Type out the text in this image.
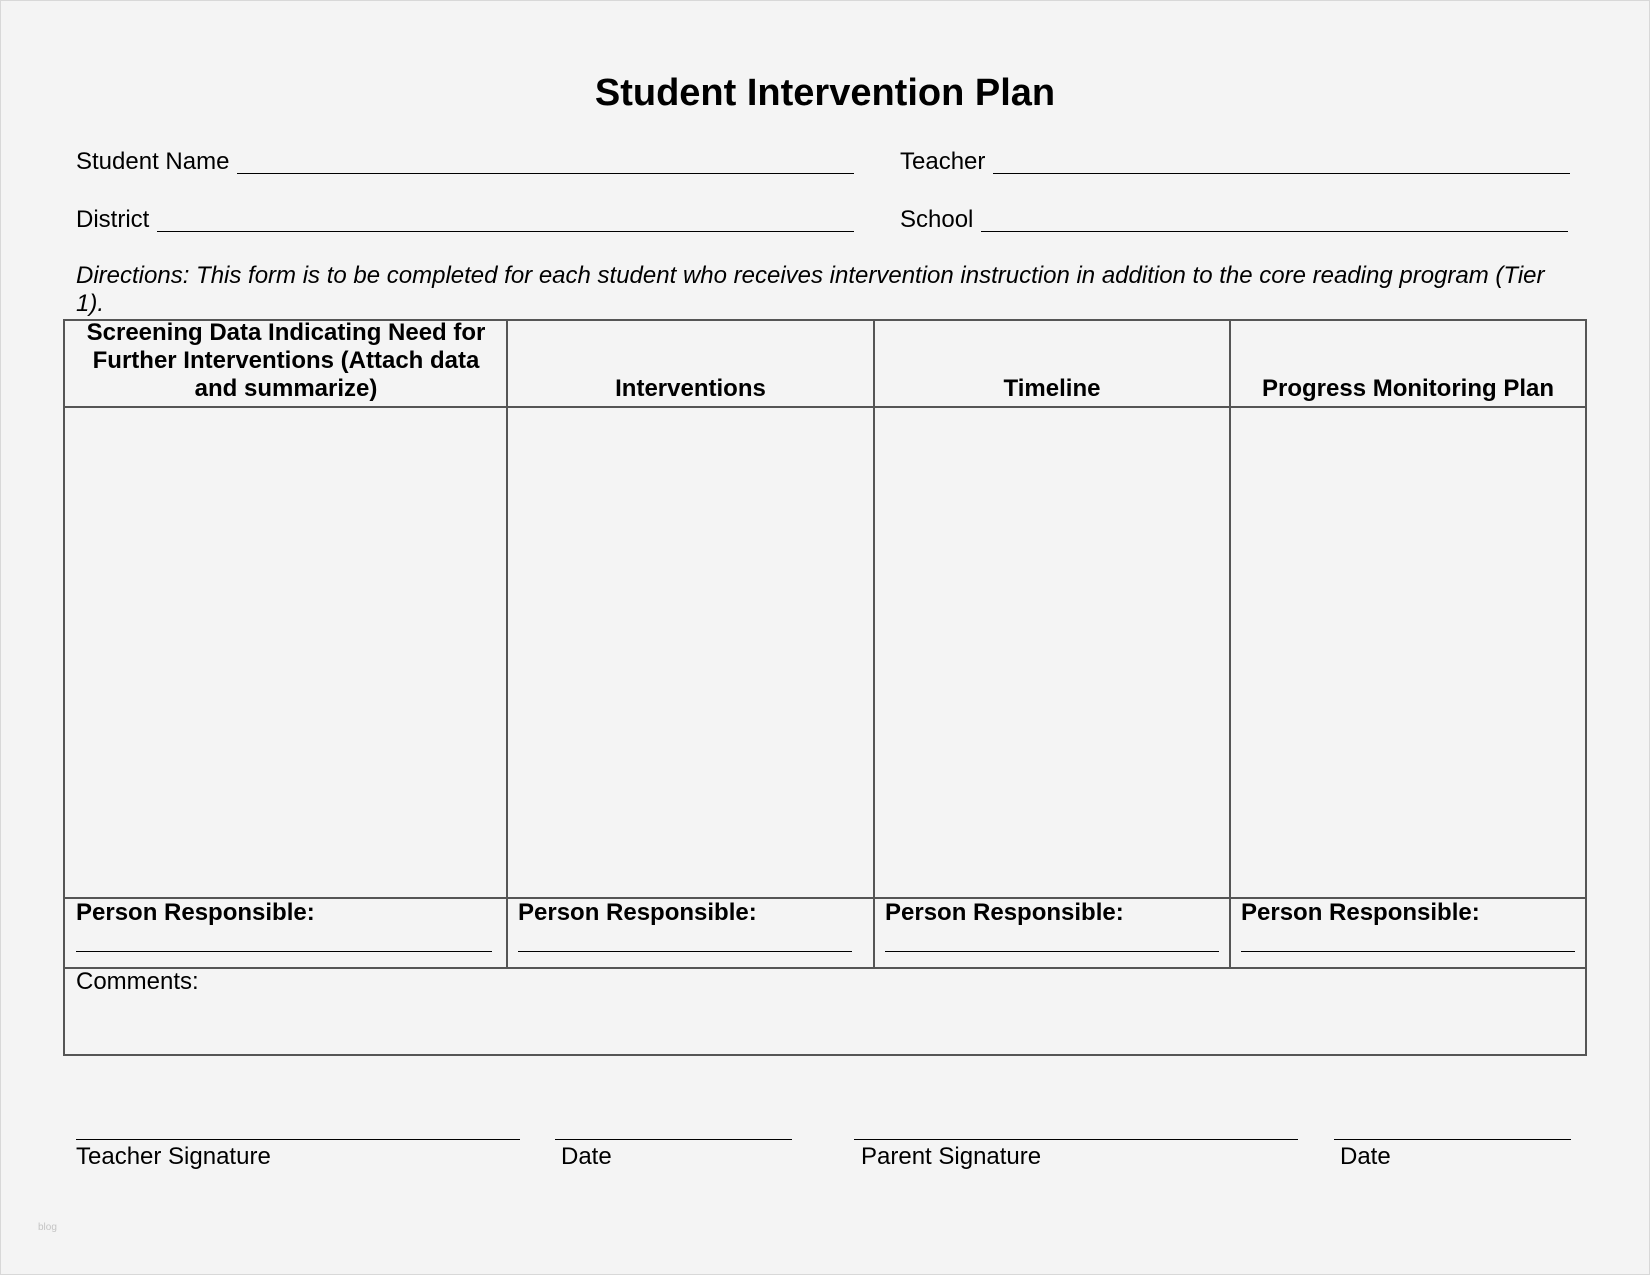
Student Intervention Plan
Student Name	Teacher
District	School
Directions: This form is to be completed for each student who receives intervention instruction in addition to the core reading program (Tier 1).
Screening Data Indicating Need for Further Interventions (Attach data and summarize)	Interventions	Timeline	Progress Monitoring Plan
Person Responsible:	Person Responsible:	Person Responsible:	Person Responsible:
Comments:
Teacher Signature	Date	Parent Signature	Date
blog
